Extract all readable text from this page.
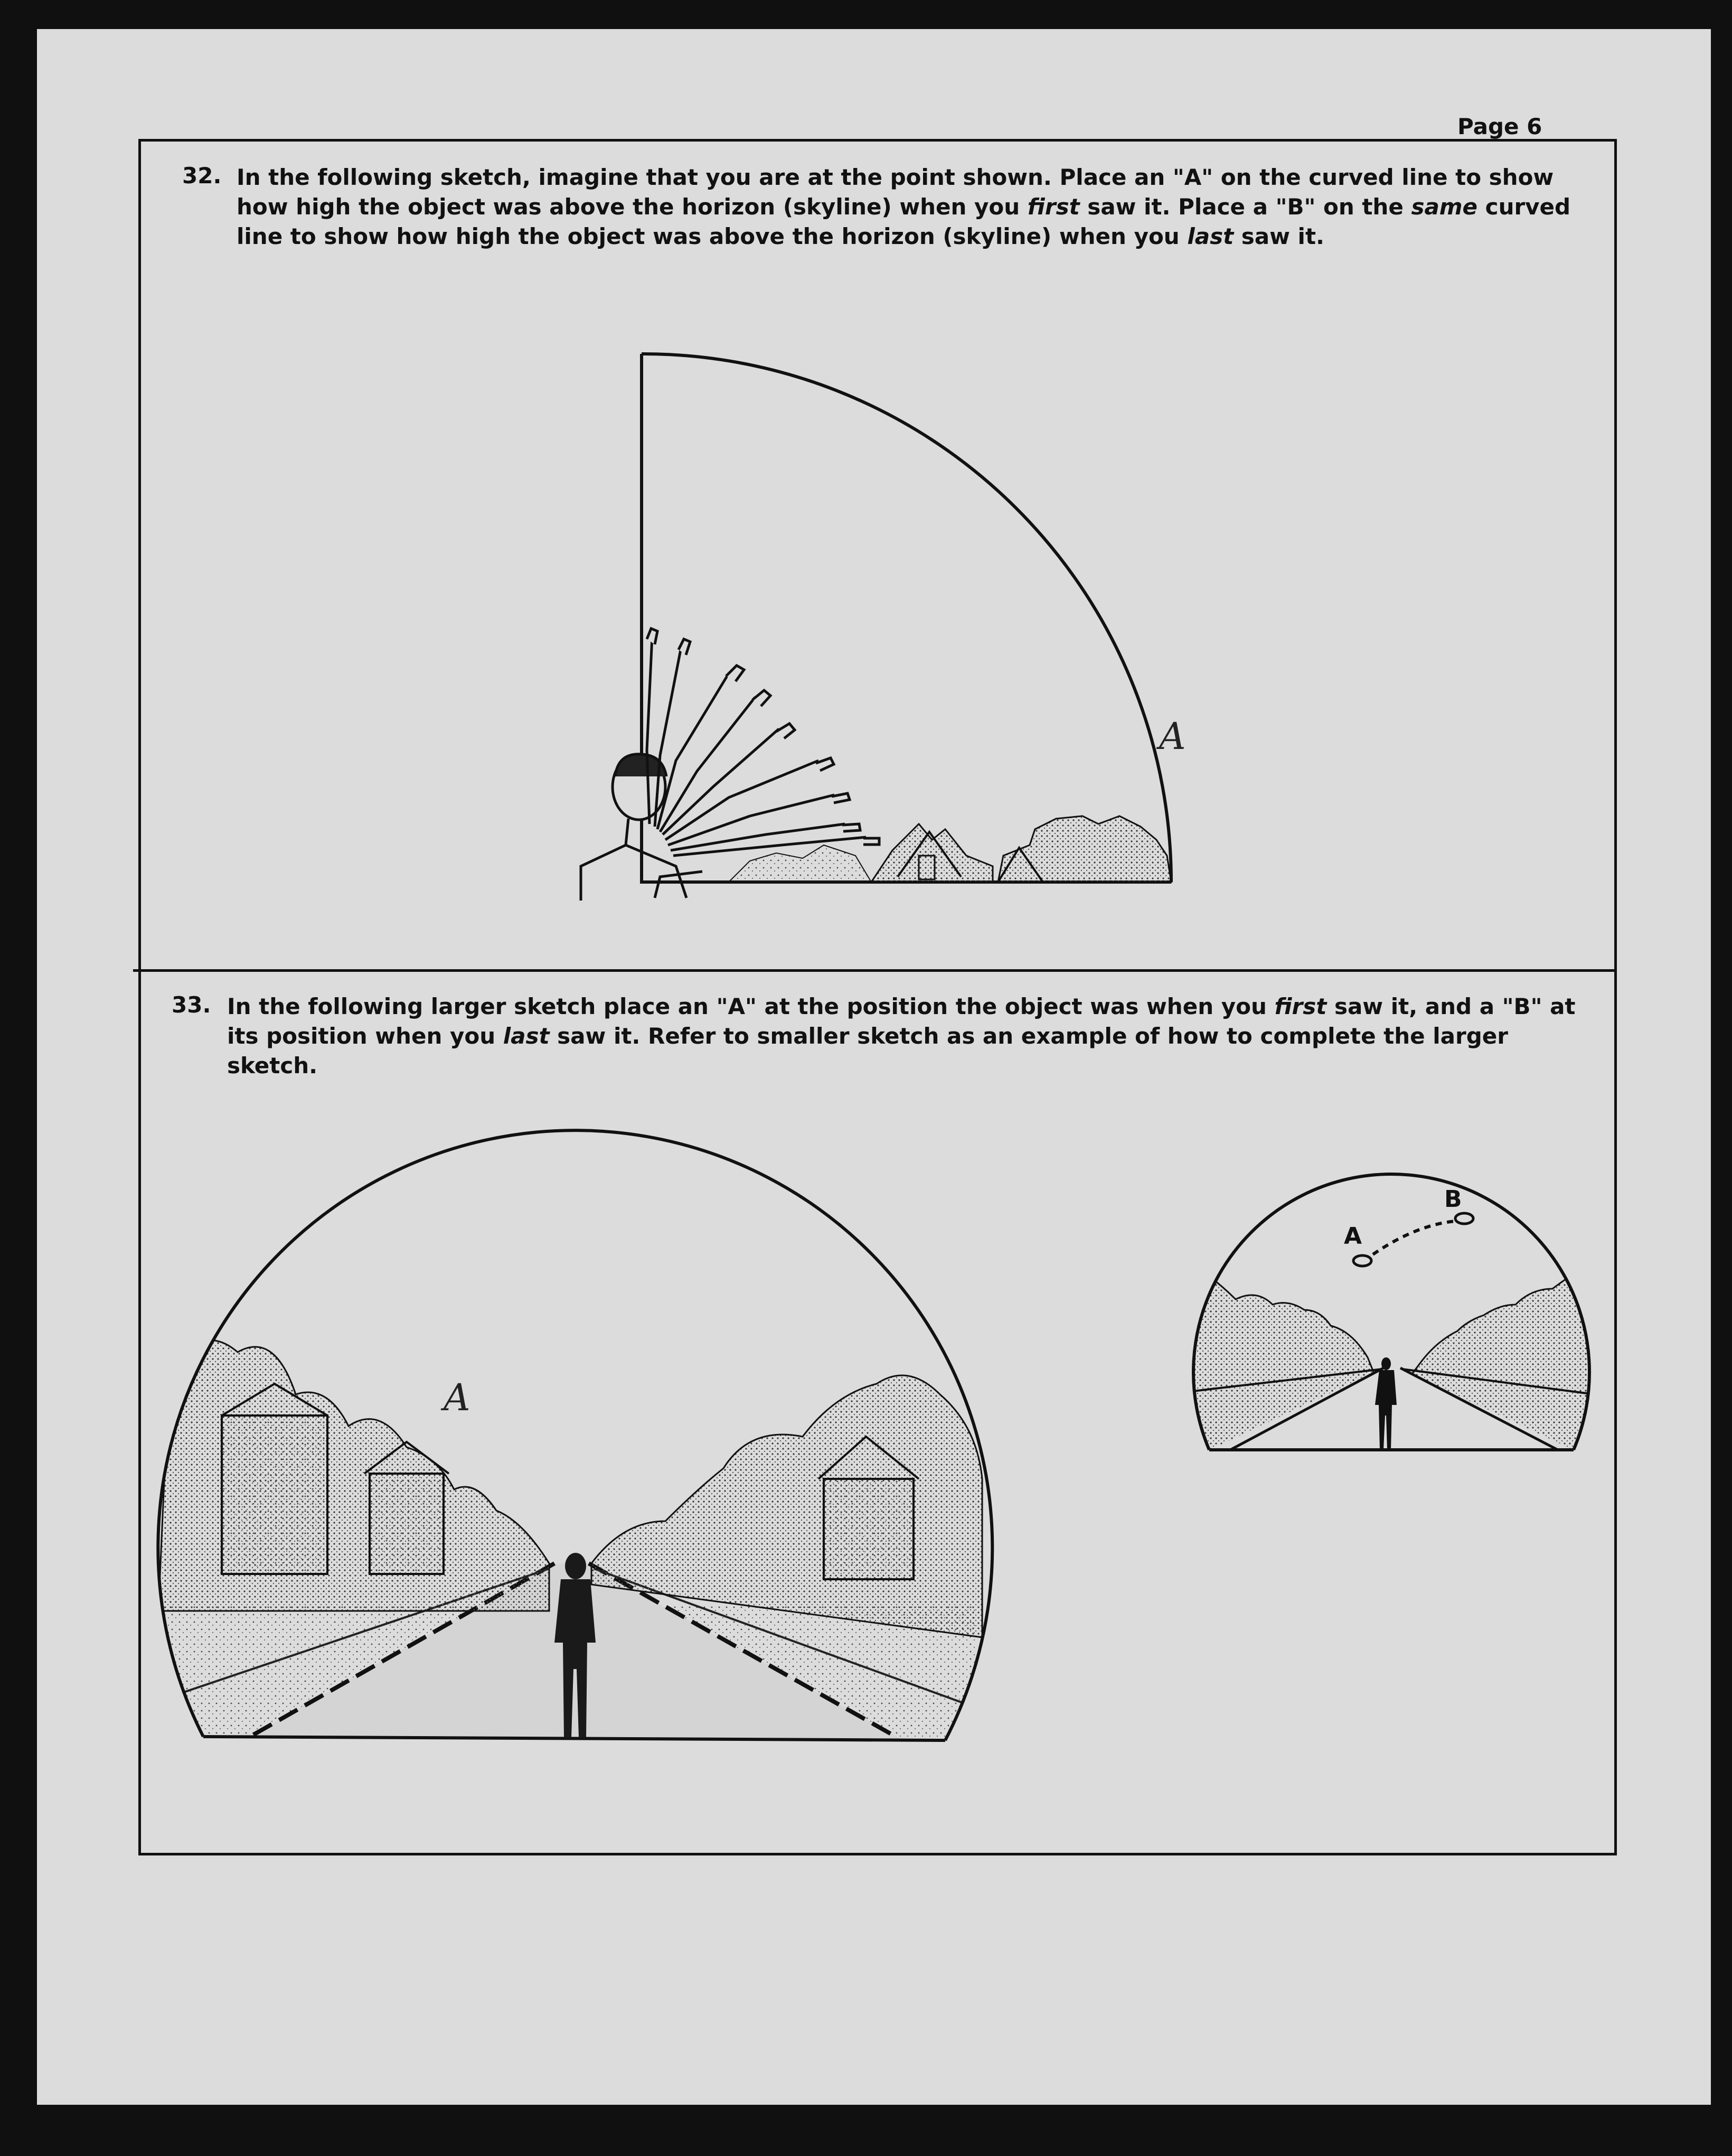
Page 6
32. In the following sketch, imagine that you are at the point shown. Place an "A" on the curved line to show how high the object was above the horizon (skyline) when you first saw it. Place a "B" on the same curved line to show how high the object was above the horizon (skyline) when you last saw it.
33. In the following larger sketch place an "A" at the position the object was when you first saw it, and a "B" at its position when you last saw it. Refer to smaller sketch as an example of how to complete the larger sketch.
A
A
A
B
